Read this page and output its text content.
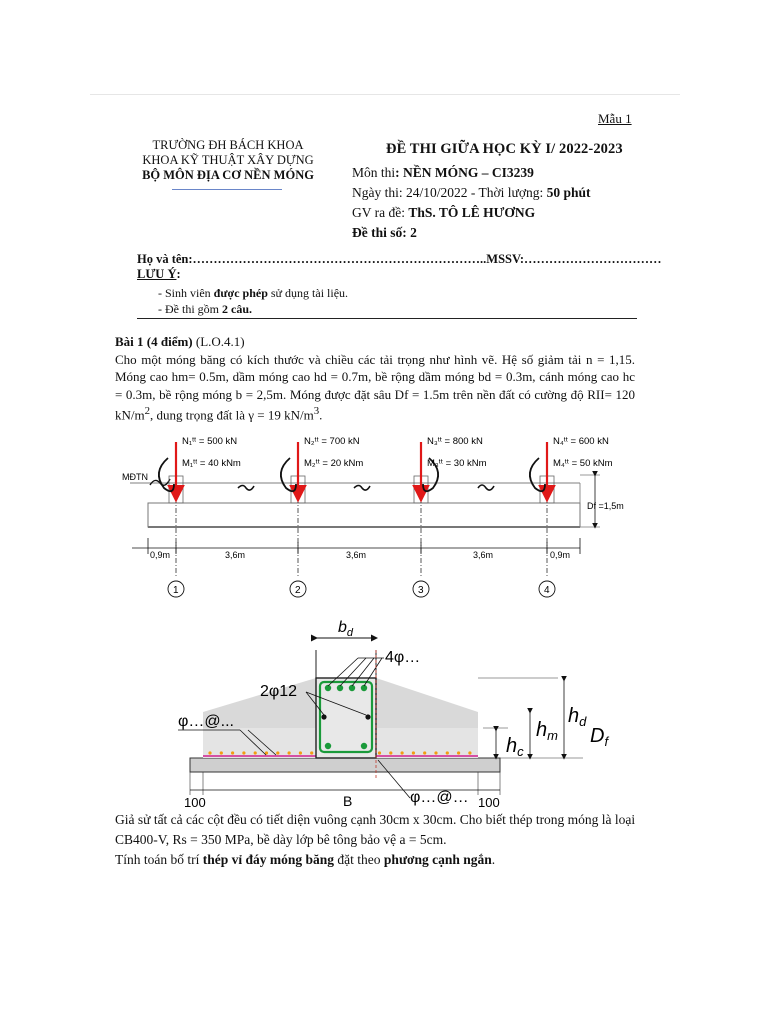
Mẫu 1
TRƯỜNG ĐH BÁCH KHOA
KHOA KỸ THUẬT XÂY DỰNG
BỘ MÔN ĐỊA CƠ NỀN MÓNG
ĐỀ THI GIỮA HỌC KỲ I/ 2022-2023
Môn thi: NỀN MÓNG – CI3239
Ngày thi: 24/10/2022 - Thời lượng: 50 phút
GV ra đề: ThS. TÔ LÊ HƯƠNG
Đề thi số: 2
Họ và tên:……………………………………………………………..MSSV:……………………………
LƯU Ý:
- Sinh viên được phép sử dụng tài liệu.
- Đề thi gồm 2 câu.
Bài 1 (4 điểm) (L.O.4.1)
Cho một móng băng có kích thước và chiều các tải trọng như hình vẽ. Hệ số giảm tải n = 1,15. Móng cao hm= 0.5m, dầm móng cao hd = 0.7m, bề rộng dầm móng bd = 0.3m, cánh móng cao hc = 0.3m, bề rộng móng b = 2,5m. Móng được đặt sâu Df = 1.5m trên nền đất có cường độ RII= 120 $kN/m^2$, dung trọng đất là γ = 19 $kN/m^3$.
MĐTN
Df =1,5m
N₁ᵗᵗ = 500 kN
M₁ᵗᵗ = 40 kNm
1
N₂ᵗᵗ = 700 kN
M₂ᵗᵗ = 20 kNm
2
N₃ᵗᵗ = 800 kN
M₃ᵗᵗ = 30 kNm
3
N₄ᵗᵗ = 600 kN
M₄ᵗᵗ = 50 kNm
4
0,9m	3,6m	3,6m	3,6m	0,9m
$b_d$
4φ…
2φ12
φ…@...
φ…@…
$h_c$
$h_m$
$h_d$
$D_f$
100	100
B
Giả sử tất cả các cột đều có tiết diện vuông cạnh 30cm x 30cm. Cho biết thép trong móng là loại CB400-V, Rs = 350 MPa, bề dày lớp bê tông bảo vệ a = 5cm.
Tính toán bố trí thép vỉ đáy móng băng đặt theo phương cạnh ngắn.
